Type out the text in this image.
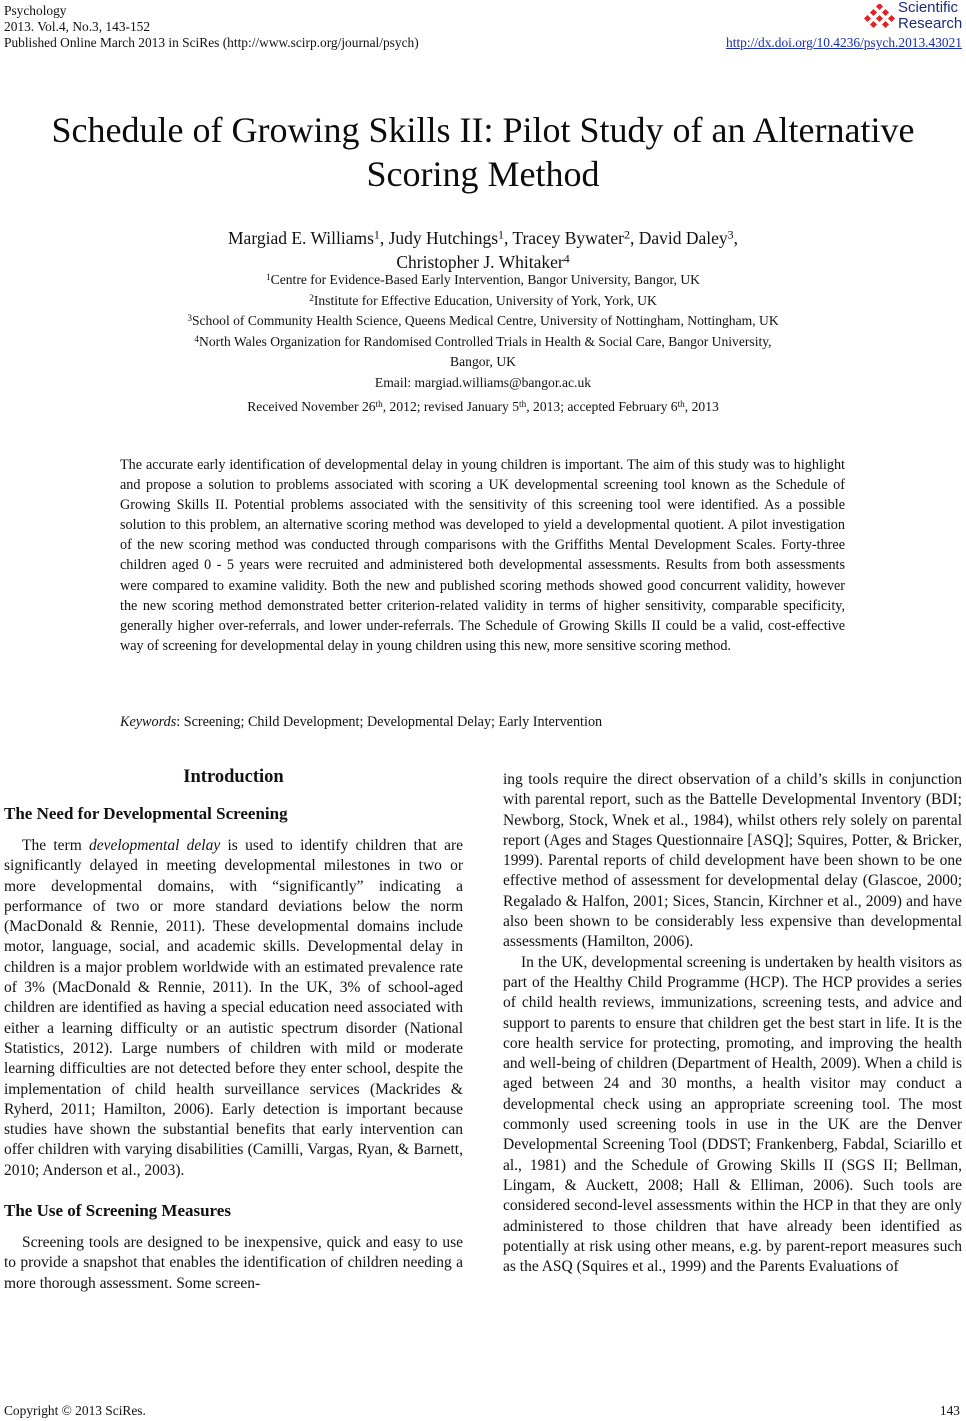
Psychology
2013. Vol.4, No.3, 143-152
Published Online March 2013 in SciRes (http://www.scirp.org/journal/psych)	http://dx.doi.org/10.4236/psych.2013.43021
Scientific
Research
Schedule of Growing Skills II: Pilot Study of an Alternative
Scoring Method
Margiad E. Williams$^1$, Judy Hutchings$^1$, Tracey Bywater$^2$, David Daley$^3$,
Christopher J. Whitaker$^4$
$^1$Centre for Evidence-Based Early Intervention, Bangor University, Bangor, UK
$^2$Institute for Effective Education, University of York, York, UK
$^3$School of Community Health Science, Queens Medical Centre, University of Nottingham, Nottingham, UK
$^4$North Wales Organization for Randomised Controlled Trials in Health & Social Care, Bangor University,
Bangor, UK
Email: margiad.williams@bangor.ac.uk
Received November 26th, 2012; revised January 5th, 2013; accepted February 6th, 2013
The accurate early identification of developmental delay in young children is important. The aim of this study was to highlight and propose a solution to problems associated with scoring a UK developmental screening tool known as the Schedule of Growing Skills II. Potential problems associated with the sensitivity of this screening tool were identified. As a possible solution to this problem, an alternative scoring method was developed to yield a developmental quotient. A pilot investigation of the new scoring method was conducted through comparisons with the Griffiths Mental Development Scales. Forty-three children aged 0 - 5 years were recruited and administered both developmental assessments. Results from both assessments were compared to examine validity. Both the new and published scoring methods showed good concurrent validity, however the new scoring method demonstrated better criterion-related validity in terms of higher sensitivity, comparable specificity, generally higher over-referrals, and lower under-referrals. The Schedule of Growing Skills II could be a valid, cost-effective way of screening for developmental delay in young children using this new, more sensitive scoring method.
Keywords: Screening; Child Development; Developmental Delay; Early Intervention
Introduction
The Need for Developmental Screening

The term developmental delay is used to identify children that are significantly delayed in meeting developmental milestones in two or more developmental domains, with “significantly” indicating a performance of two or more standard deviations below the norm (MacDonald & Rennie, 2011). These developmental domains include motor, language, social, and academic skills. Developmental delay in children is a major problem worldwide with an estimated prevalence rate of 3% (MacDonald & Rennie, 2011). In the UK, 3% of school-aged children are identified as having a special education need associated with either a learning difficulty or an autistic spectrum disorder (National Statistics, 2012). Large numbers of children with mild or moderate learning difficulties are not detected before they enter school, despite the implementation of child health surveillance services (Mackrides & Ryherd, 2011; Hamilton, 2006). Early detection is important because studies have shown the substantial benefits that early intervention can offer children with varying disabilities (Camilli, Vargas, Ryan, & Barnett, 2010; Anderson et al., 2003).

The Use of Screening Measures

Screening tools are designed to be inexpensive, quick and easy to use to provide a snapshot that enables the identification of children needing a more thorough assessment. Some screen-

ing tools require the direct observation of a child’s skills in conjunction with parental report, such as the Battelle Developmental Inventory (BDI; Newborg, Stock, Wnek et al., 1984), whilst others rely solely on parental report (Ages and Stages Questionnaire [ASQ]; Squires, Potter, & Bricker, 1999). Parental reports of child development have been shown to be one effective method of assessment for developmental delay (Glascoe, 2000; Regalado & Halfon, 2001; Sices, Stancin, Kirchner et al., 2009) and have also been shown to be considerably less expensive than developmental assessments (Hamilton, 2006).

In the UK, developmental screening is undertaken by health visitors as part of the Healthy Child Programme (HCP). The HCP provides a series of child health reviews, immunizations, screening tests, and advice and support to parents to ensure that children get the best start in life. It is the core health service for protecting, promoting, and improving the health and well-being of children (Department of Health, 2009). When a child is aged between 24 and 30 months, a health visitor may conduct a developmental check using an appropriate screening tool. The most commonly used screening tools in use in the UK are the Denver Developmental Screening Tool (DDST; Frankenberg, Fabdal, Sciarillo et al., 1981) and the Schedule of Growing Skills II (SGS II; Bellman, Lingam, & Auckett, 2008; Hall & Elliman, 2006). Such tools are considered second-level assessments within the HCP in that they are only administered to those children that have already been identified as potentially at risk using other means, e.g. by parent-report measures such as the ASQ (Squires et al., 1999) and the Parents Evaluations of

Copyright © 2013 SciRes.	143
